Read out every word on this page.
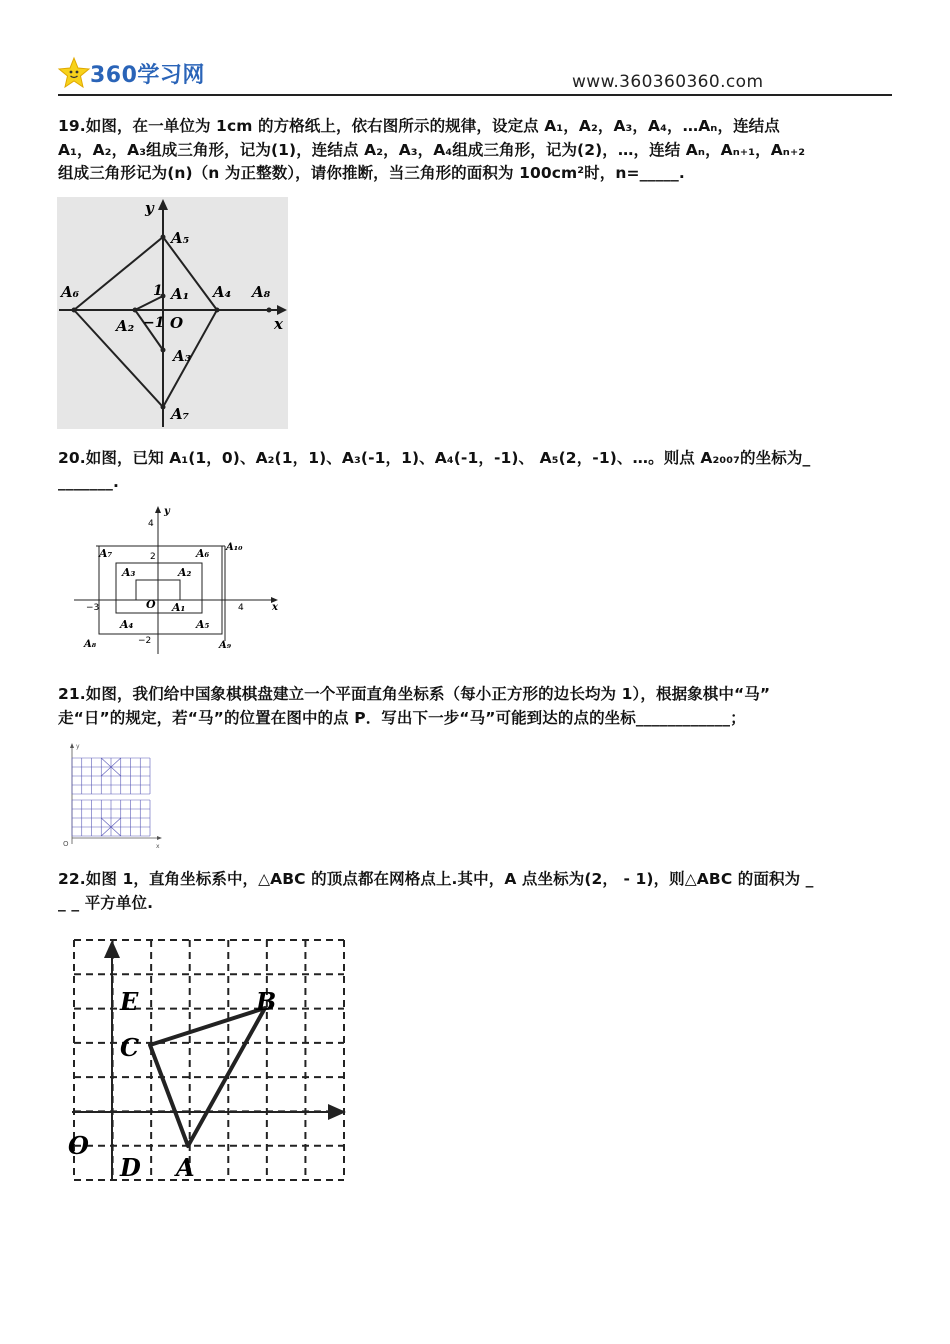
360学习网	www.360360360.com
19.如图，在一单位为 1cm 的方格纸上，依右图所示的规律，设定点 A₁，A₂，A₃，A₄，…Aₙ，连结点
A₁，A₂，A₃组成三角形，记为(1)，连结点 A₂，A₃，A₄组成三角形，记为(2)，…，连结 Aₙ，Aₙ₊₁，Aₙ₊₂
组成三角形记为(n)（n 为正整数），请你推断，当三角形的面积为 100cm²时，n=_____.
y
x
O
1
−1
A₁
A₂
A₃
A₄
A₅
A₆
A₇
A₈
20.如图，已知 A₁(1，0)、A₂(1，1)、A₃(-1，1)、A₄(-1，-1)、 A₅(2，-1)、…。则点 A₂₀₀₇的坐标为_
_______.
4
2
−2
−3	4
y
x
O A₁
A₂
A₃
A₄	A₅
A₆
A₇
A₈	A₉
A₁₀
21.如图，我们给中国象棋棋盘建立一个平面直角坐标系（每小正方形的边长均为 1），根据象棋中“马”
走“日”的规定，若“马”的位置在图中的点 P．写出下一步“马”可能到达的点的坐标____________；
y
x
O
22.如图 1，直角坐标系中，△ABC 的顶点都在网格点上.其中，A 点坐标为(2， - 1)，则△ABC 的面积为 _
_ _ 平方单位.
E	B
C
O
D A
